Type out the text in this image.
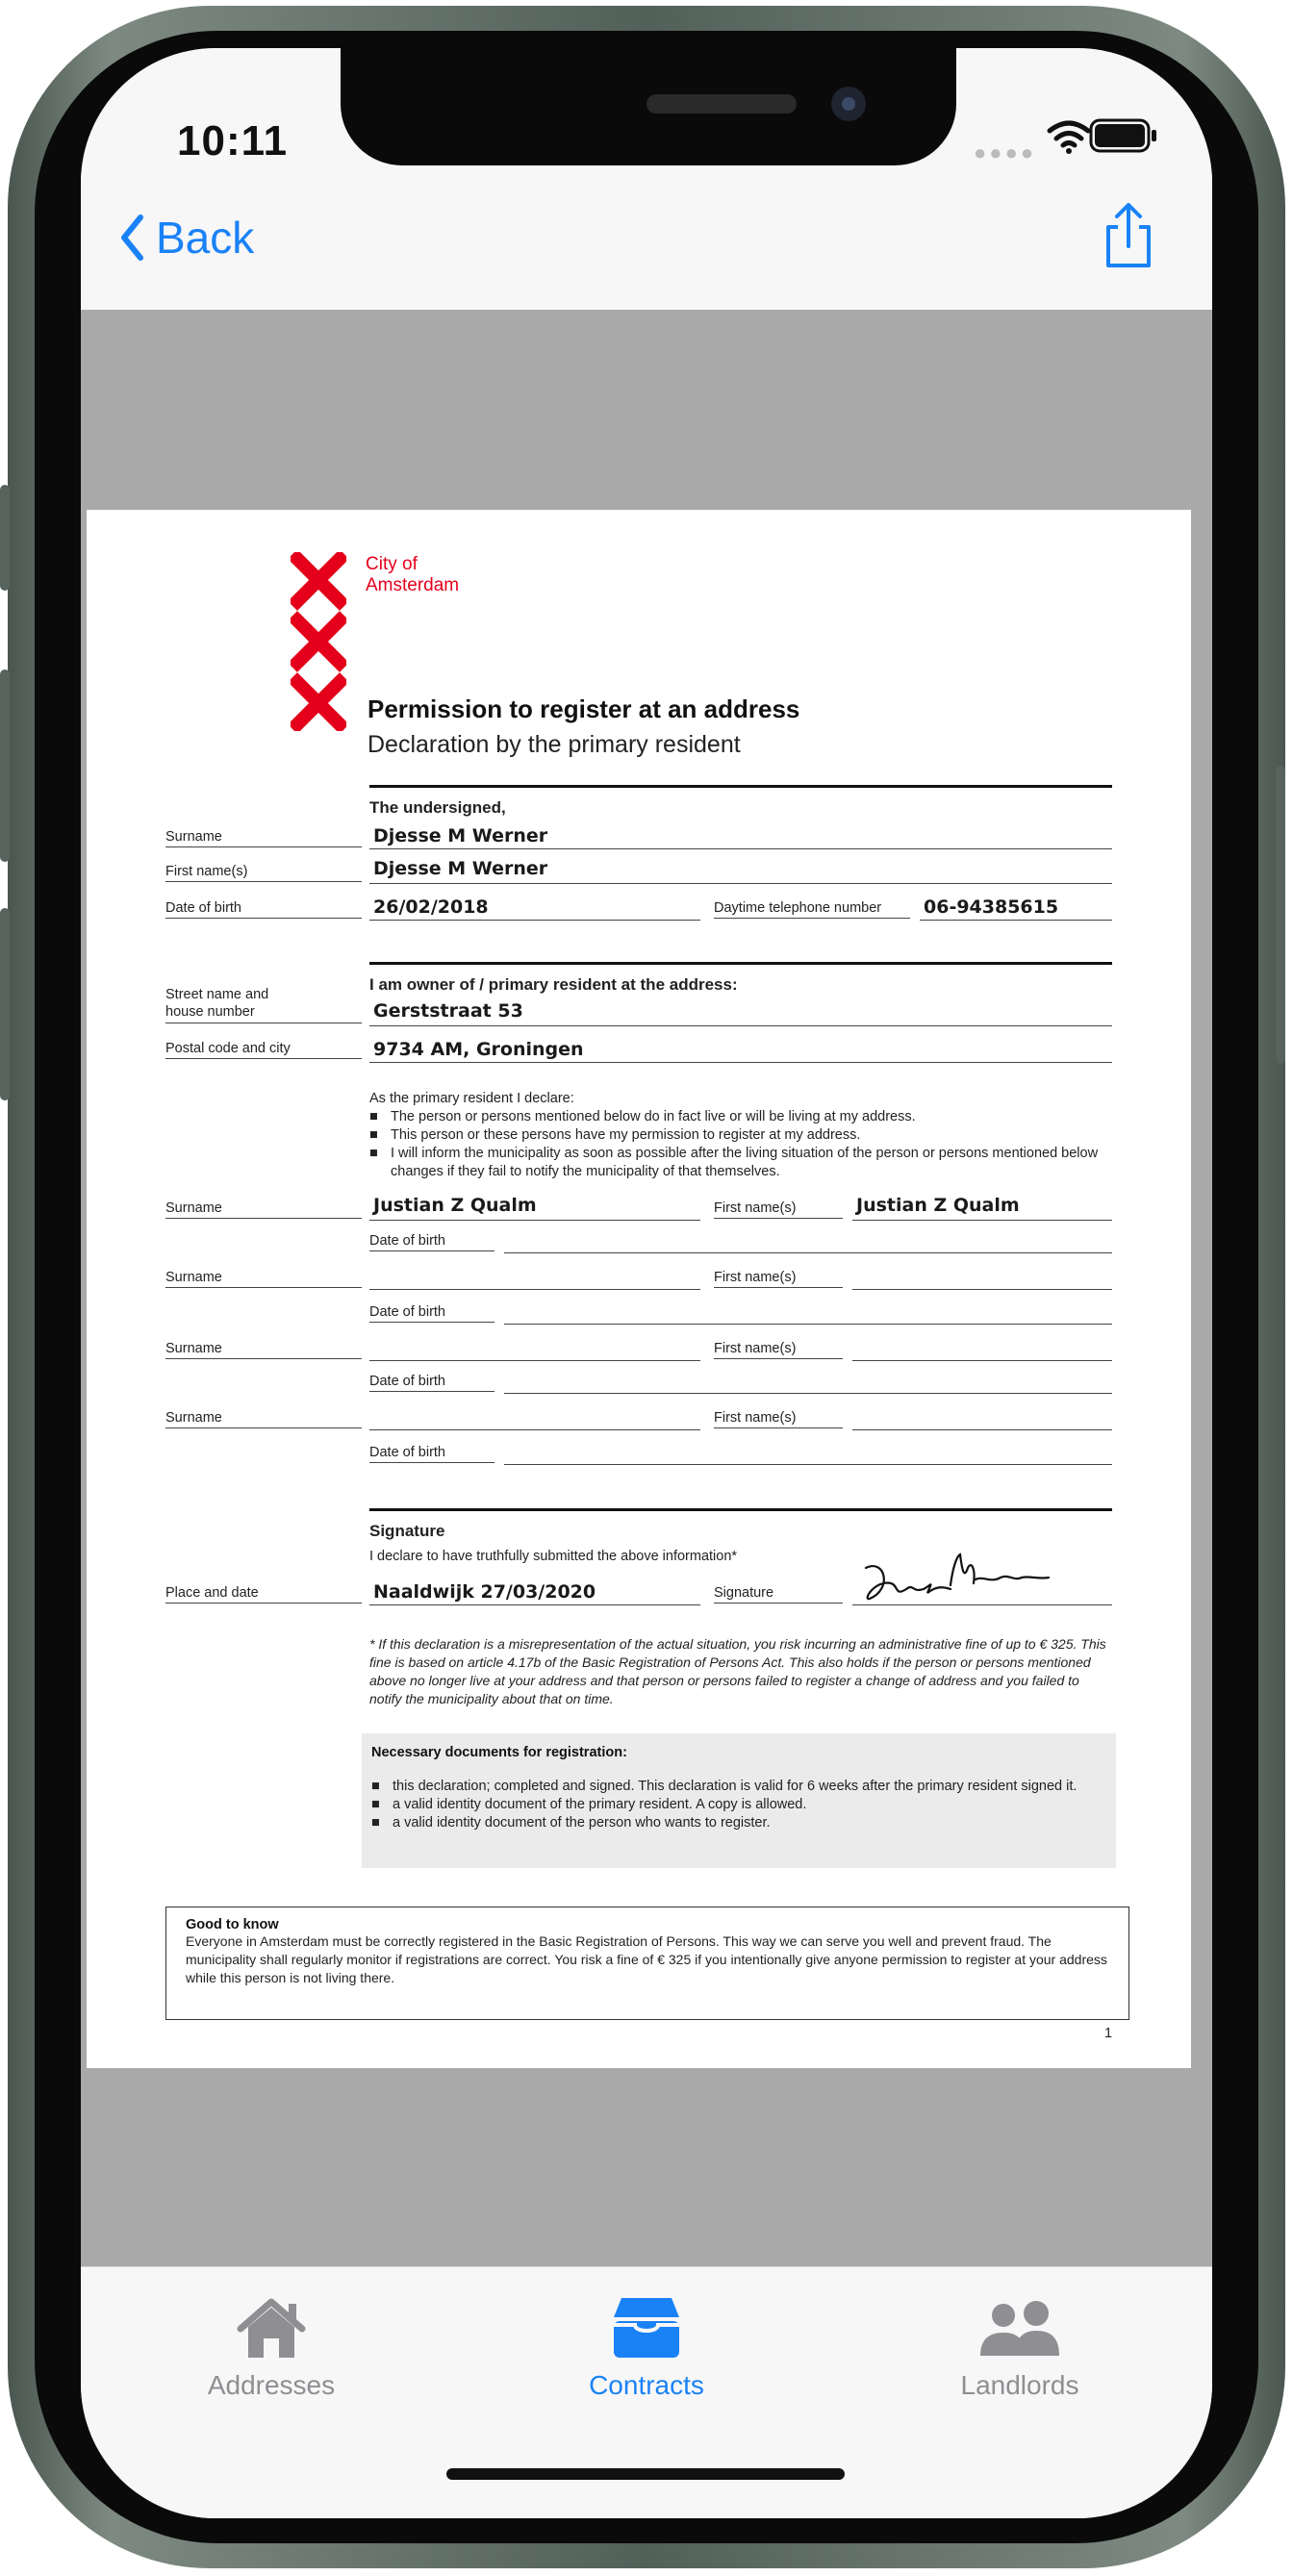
10:11	●●●●
Back
City of
Amsterdam
Permission to register at an address
Declaration by the primary resident
The undersigned,
Surname	Djesse M Werner
First name(s)	Djesse M Werner
Date of birth	26/02/2018	Daytime telephone number 06-94385615
I am owner of / primary resident at the address:
Street name and
house number	Gerststraat 53
Postal code and city	9734 AM, Groningen
As the primary resident I declare:
■ The person or persons mentioned below do in fact live or will be living at my address.
■ This person or these persons have my permission to register at my address.
■ I will inform the municipality as soon as possible after the living situation of the person or persons mentioned below changes if they fail to notify the municipality of that themselves.
Surname	Justian Z Qualm	First name(s)	Justian Z Qualm
Date of birth
Surname	First name(s)
Date of birth
Surname	First name(s)
Date of birth
Surname	First name(s)
Date of birth
Signature
I declare to have truthfully submitted the above information*
Place and date	Naaldwijk 27/03/2020	Signature
* If this declaration is a misrepresentation of the actual situation, you risk incurring an administrative fine of up to € 325. This fine is based on article 4.17b of the Basic Registration of Persons Act. This also holds if the person or persons mentioned above no longer live at your address and that person or persons failed to register a change of address and you failed to notify the municipality about that on time.
Necessary documents for registration:
■ this declaration; completed and signed. This declaration is valid for 6 weeks after the primary resident signed it.
■ a valid identity document of the primary resident. A copy is allowed.
■ a valid identity document of the person who wants to register.
Good to know
Everyone in Amsterdam must be correctly registered in the Basic Registration of Persons. This way we can serve you well and prevent fraud. The municipality shall regularly monitor if registrations are correct. You risk a fine of € 325 if you intentionally give anyone permission to register at your address while this person is not living there.
1
Addresses	Contracts	Landlords
